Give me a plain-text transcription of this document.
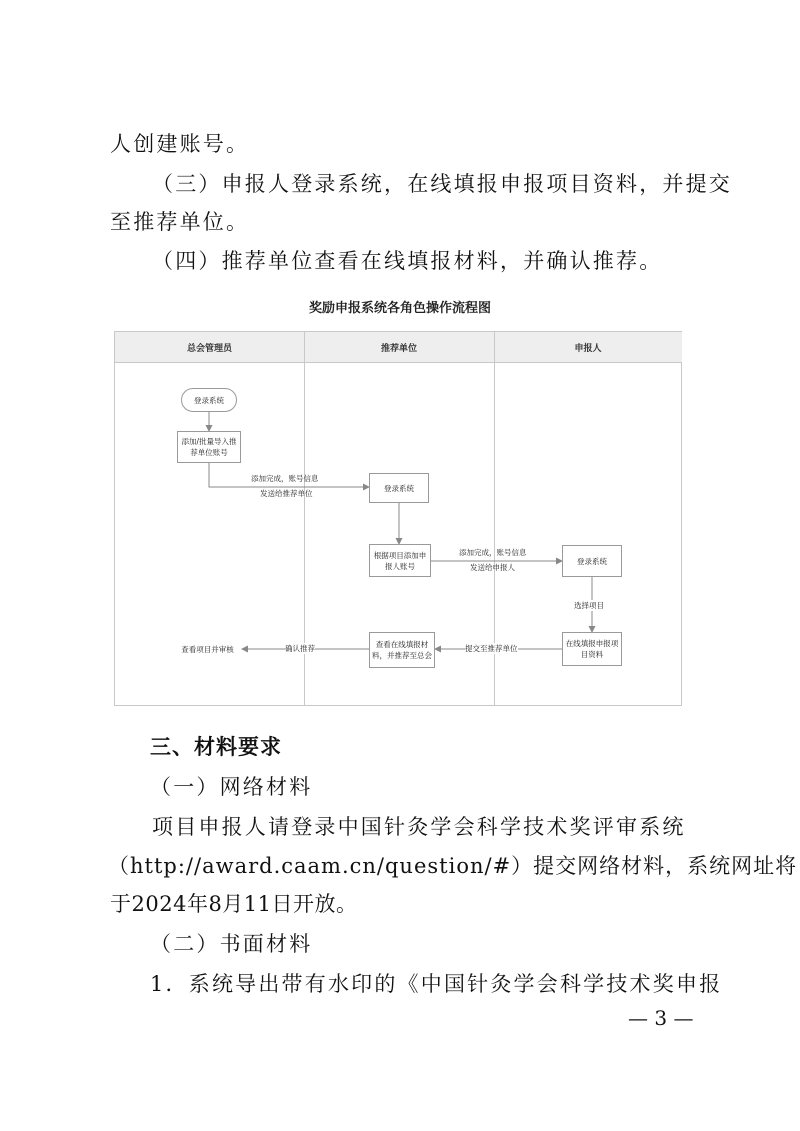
人创建账号。
（三）申报人登录系统，在线填报申报项目资料，并提交
至推荐单位。
（四）推荐单位查看在线填报材料，并确认推荐。
奖励申报系统各角色操作流程图
总会管理员	推荐单位	申报人
登录系统
添加/批量导入推荐单位账号
登录系统
根据项目添加申报人账号
登录系统
在线填报申报项目资料
查看在线填报材料，并推荐至总会
查看项目并审核
添加完成，账号信息
发送给推荐单位
添加完成，账号信息
发送给申报人
选择项目
提交至推荐单位
确认推荐
三、材料要求
（一）网络材料
项目申报人请登录中国针灸学会科学技术奖评审系统
（http://award.caam.cn/question/#）提交网络材料，系统网址将
于2024年8月11日开放。
（二）书面材料
1．系统导出带有水印的《中国针灸学会科学技术奖申报
— 3 —
